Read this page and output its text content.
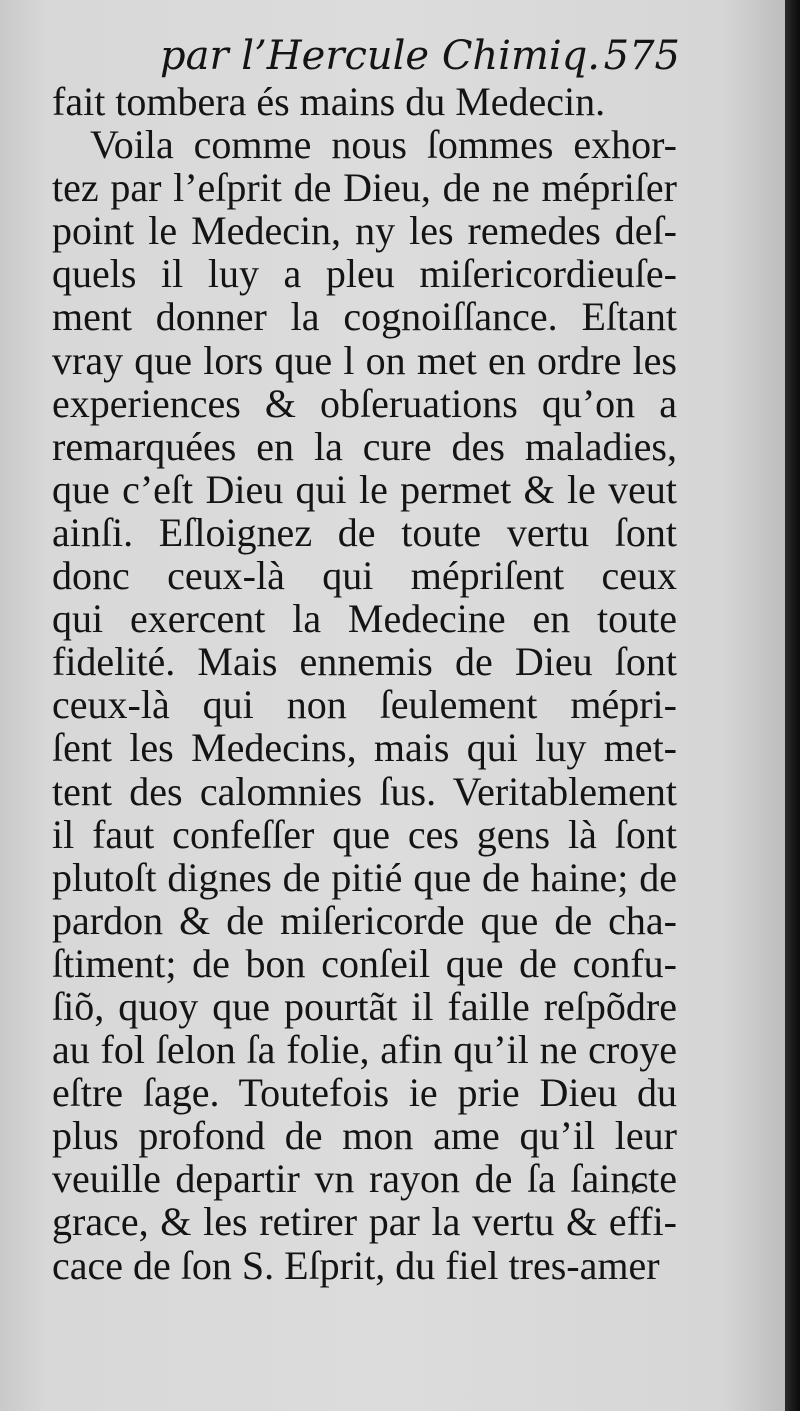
par l’Hercule Chimiq. 575
fait tombera és mains du Medecin.
Voila comme nous ſommes exhor-
tez par l’eſprit de Dieu, de ne mépriſer
point le Medecin, ny les remedes deſ-
quels il luy a pleu miſericordieuſe-
ment donner la cognoiſſance. Eſtant
vray que lors que l on met en ordre les
experiences & obſeruations qu’on a
remarquées en la cure des maladies,
que c’eſt Dieu qui le permet & le veut
ainſi. Eſloignez de toute vertu ſont
donc ceux-là qui mépriſent ceux
qui exercent la Medecine en toute
fidelité. Mais ennemis de Dieu ſont
ceux-là qui non ſeulement mépri-
ſent les Medecins, mais qui luy met-
tent des calomnies ſus. Veritablement
il faut confeſſer que ces gens là ſont
plutoſt dignes de pitié que de haine; de
pardon & de miſericorde que de cha-
ſtiment; de bon conſeil que de confu-
ſiõ, quoy que pourtãt il faille reſpõdre
au fol ſelon ſa folie, afin qu’il ne croye
eſtre ſage. Toutefois ie prie Dieu du
plus profond de mon ame qu’il leur
veuille departir vn rayon de ſa ſainɕte
grace, & les retirer par la vertu & effi-
cace de ſon S. Eſprit, du fiel tres-amer
